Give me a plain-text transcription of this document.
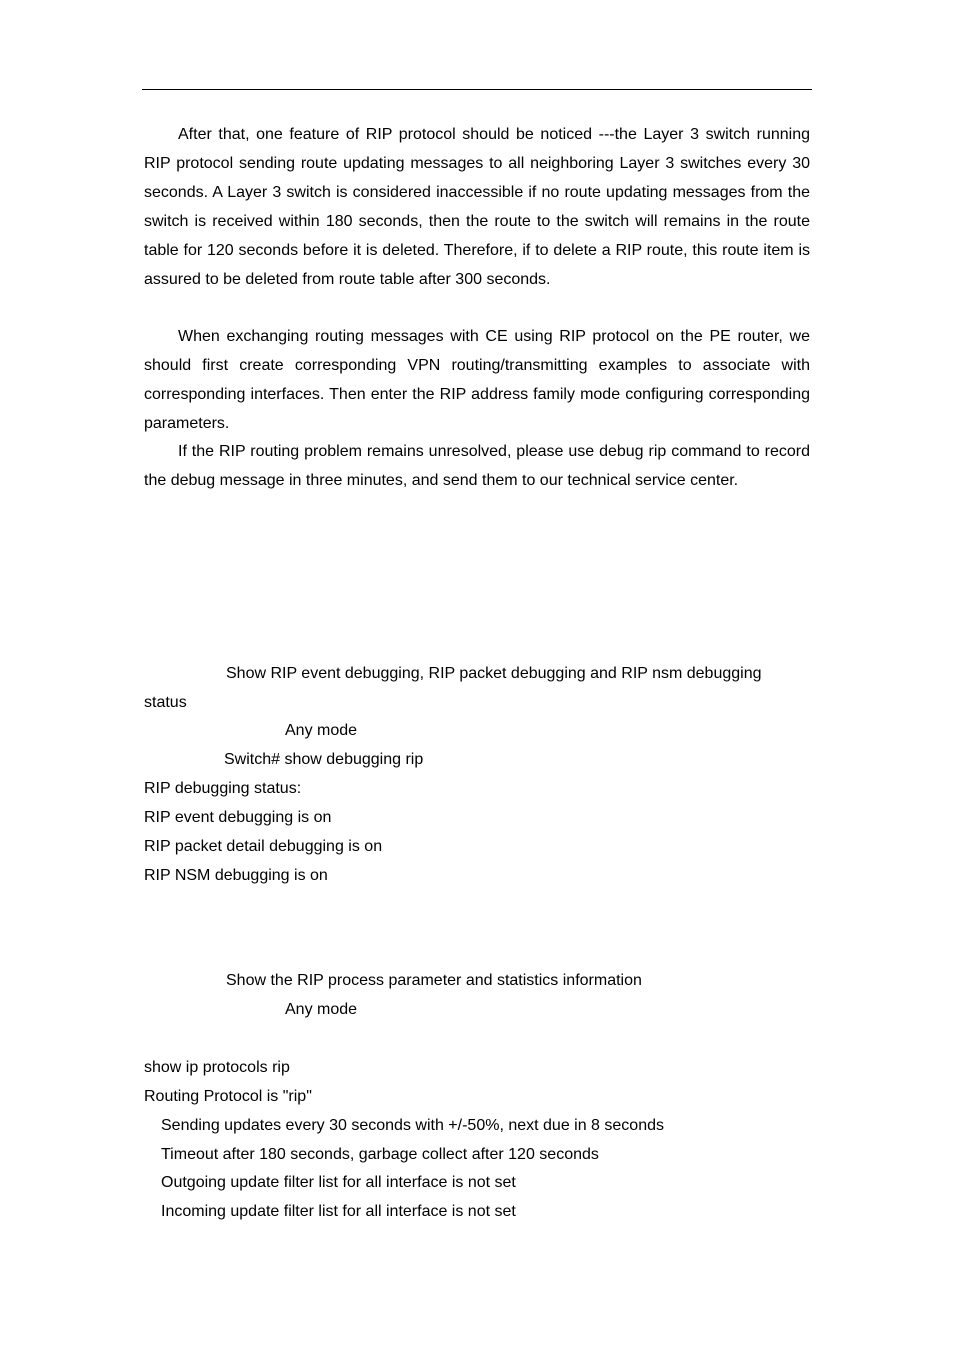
After that, one feature of RIP protocol should be noticed ---the Layer 3 switch running RIP protocol sending route updating messages to all neighboring Layer 3 switches every 30 seconds. A Layer 3 switch is considered inaccessible if no route updating messages from the switch is received within 180 seconds, then the route to the switch will remains in the route table for 120 seconds before it is deleted. Therefore, if to delete a RIP route, this route item is assured to be deleted from route table after 300 seconds.

When exchanging routing messages with CE using RIP protocol on the PE router, we should first create corresponding VPN routing/transmitting examples to associate with corresponding interfaces. Then enter the RIP address family mode configuring corresponding parameters.

If the RIP routing problem remains unresolved, please use debug rip command to record the debug message in three minutes, and send them to our technical service center.

Show RIP event debugging, RIP packet debugging and RIP nsm debugging

status

Any mode

Switch# show debugging rip

RIP debugging status:

RIP event debugging is on

RIP packet detail debugging is on

RIP NSM debugging is on

Show the RIP process parameter and statistics information

Any mode

show ip protocols rip

Routing Protocol is "rip"

Sending updates every 30 seconds with +/-50%, next due in 8 seconds

Timeout after 180 seconds, garbage collect after 120 seconds

Outgoing update filter list for all interface is not set

Incoming update filter list for all interface is not set
